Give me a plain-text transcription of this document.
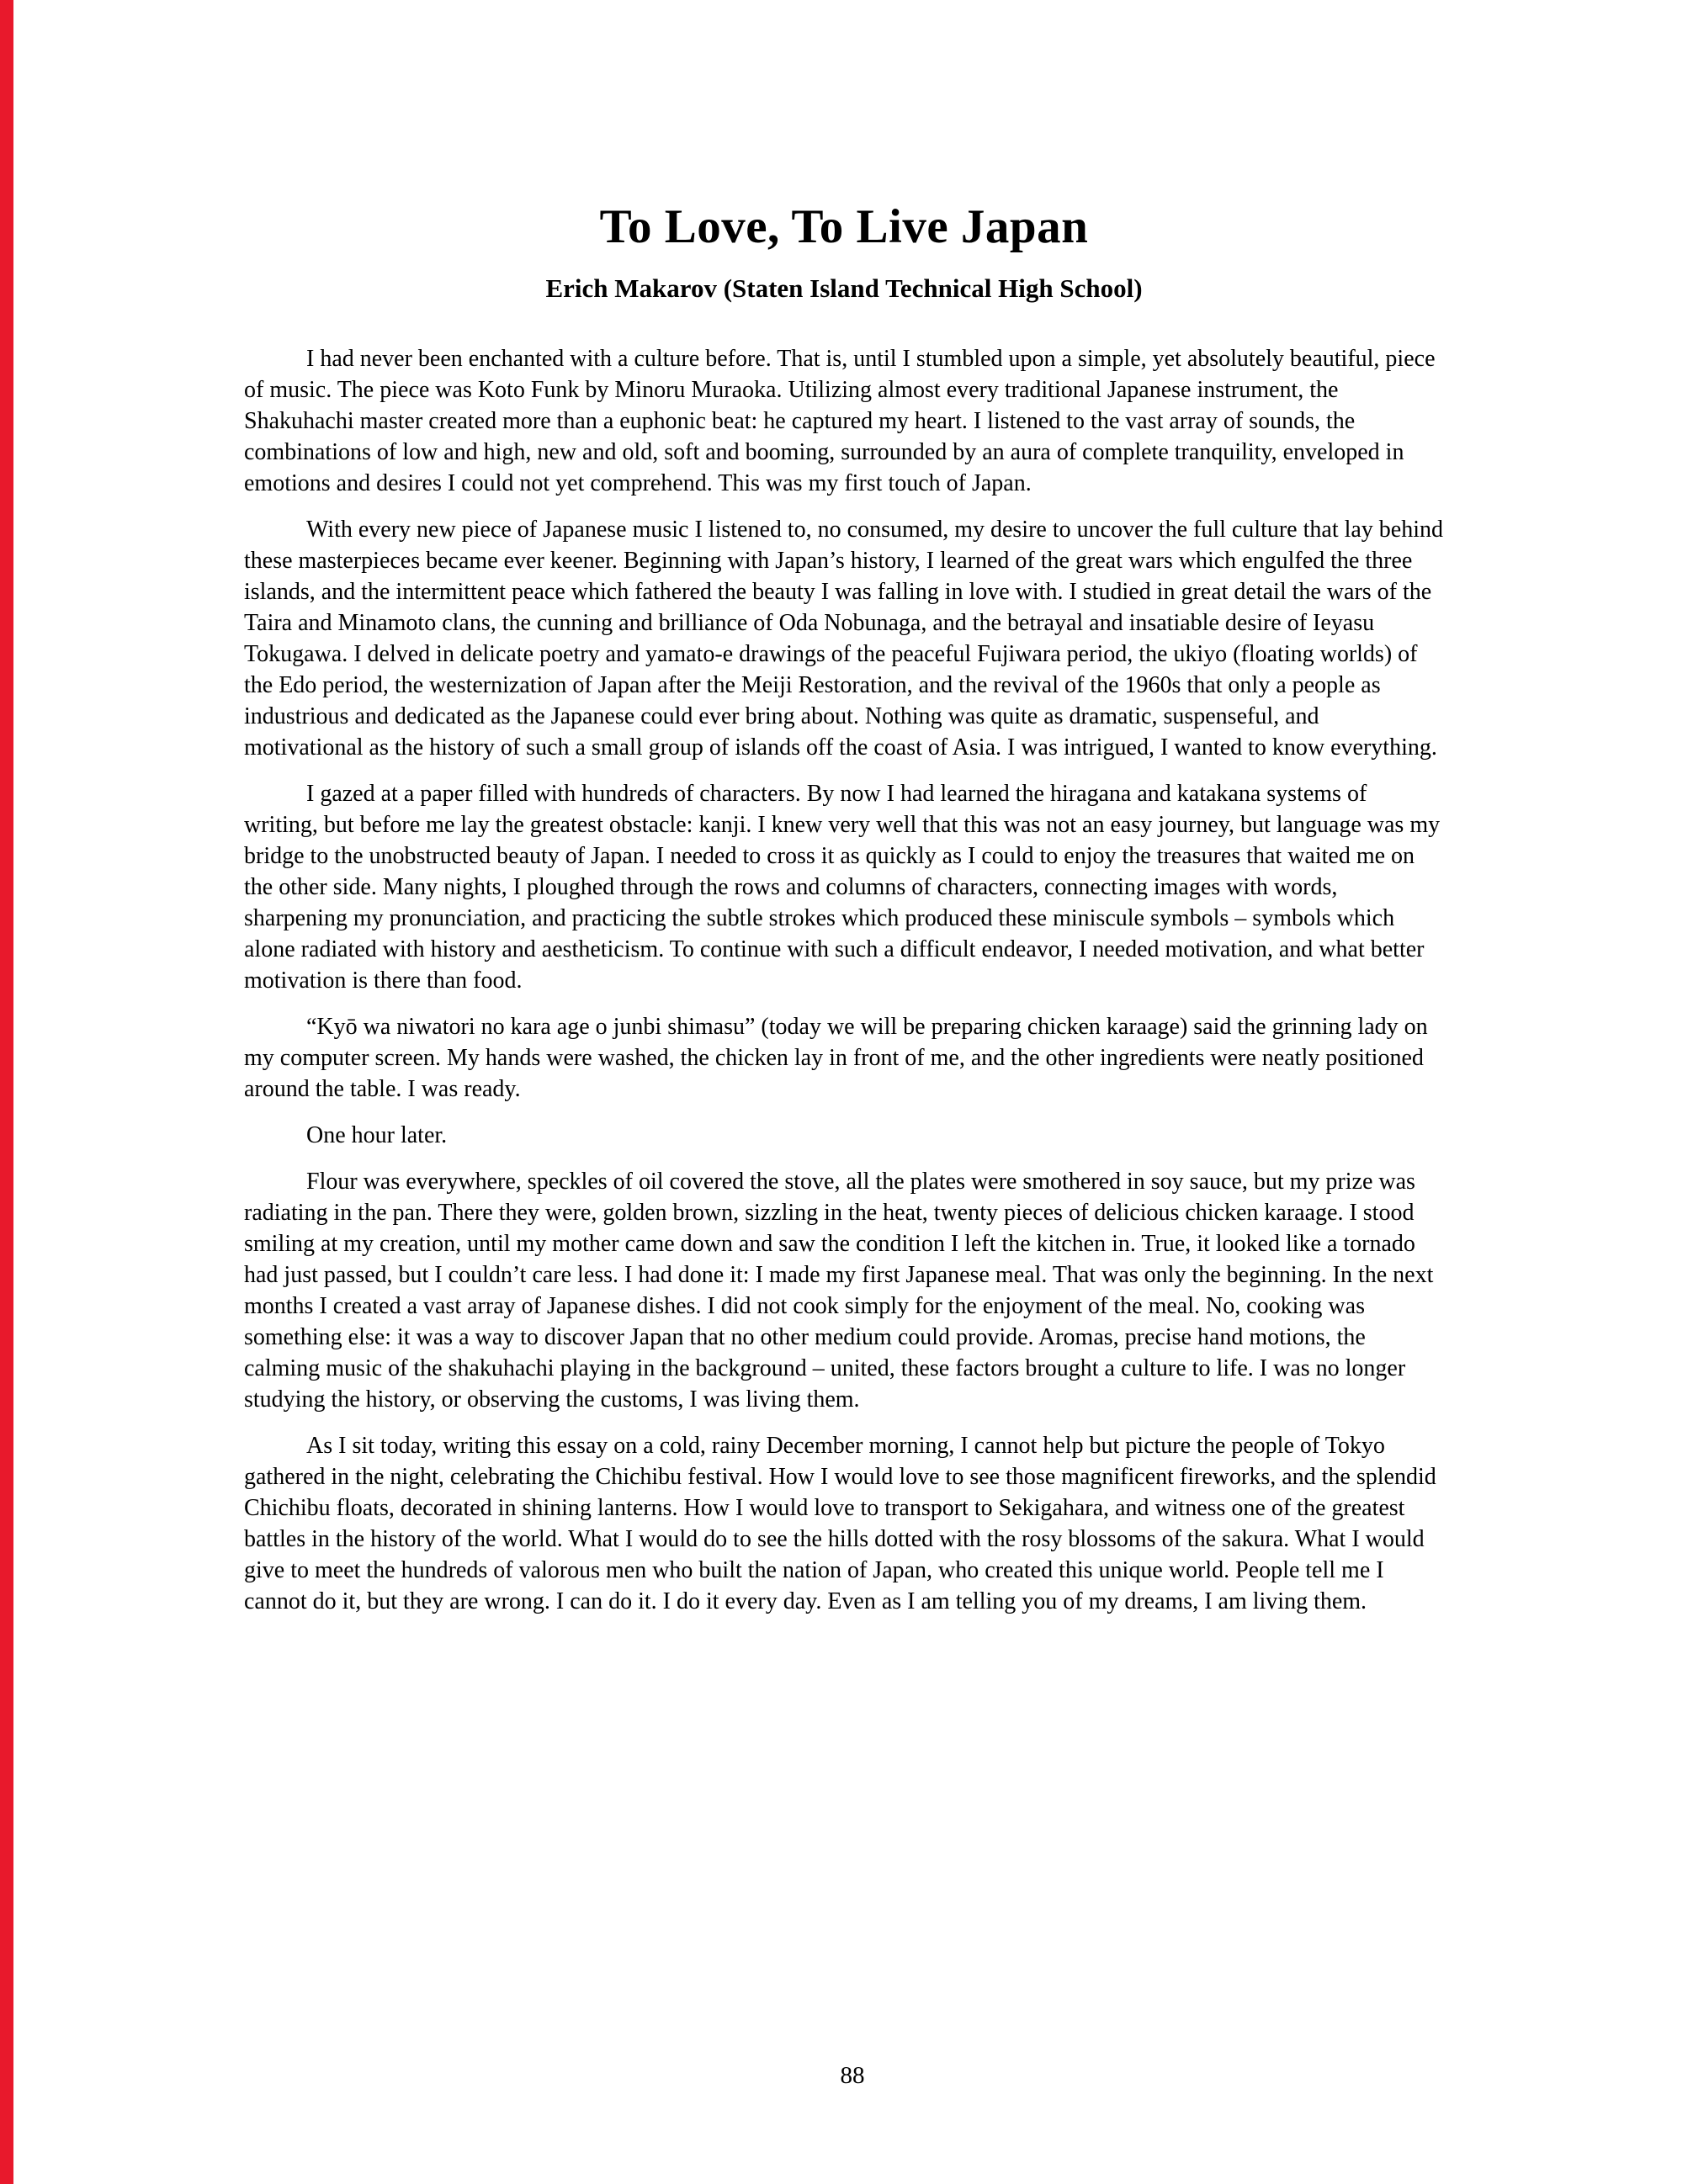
To Love, To Live Japan
Erich Makarov (Staten Island Technical High School)

I had never been enchanted with a culture before. That is, until I stumbled upon a simple, yet absolutely beautiful, piece of music. The piece was Koto Funk by Minoru Muraoka. Utilizing almost every traditional Japanese instrument, the Shakuhachi master created more than a euphonic beat: he captured my heart. I listened to the vast array of sounds, the combinations of low and high, new and old, soft and booming, surrounded by an aura of complete tranquility, enveloped in emotions and desires I could not yet comprehend. This was my first touch of Japan.

With every new piece of Japanese music I listened to, no consumed, my desire to uncover the full culture that lay behind these masterpieces became ever keener. Beginning with Japan’s history, I learned of the great wars which engulfed the three islands, and the intermittent peace which fathered the beauty I was falling in love with. I studied in great detail the wars of the Taira and Minamoto clans, the cunning and brilliance of Oda Nobunaga, and the betrayal and insatiable desire of Ieyasu Tokugawa. I delved in delicate poetry and yamato-e drawings of the peaceful Fujiwara period, the ukiyo (floating worlds) of the Edo period, the westernization of Japan after the Meiji Restoration, and the revival of the 1960s that only a people as industrious and dedicated as the Japanese could ever bring about. Nothing was quite as dramatic, suspenseful, and motivational as the history of such a small group of islands off the coast of Asia. I was intrigued, I wanted to know everything.

I gazed at a paper filled with hundreds of characters. By now I had learned the hiragana and katakana systems of writing, but before me lay the greatest obstacle: kanji. I knew very well that this was not an easy journey, but language was my bridge to the unobstructed beauty of Japan. I needed to cross it as quickly as I could to enjoy the treasures that waited me on the other side. Many nights, I ploughed through the rows and columns of characters, connecting images with words, sharpening my pronunciation, and practicing the subtle strokes which produced these miniscule symbols – symbols which alone radiated with history and aestheticism. To continue with such a difficult endeavor, I needed motivation, and what better motivation is there than food.

“Kyō wa niwatori no kara age o junbi shimasu” (today we will be preparing chicken karaage) said the grinning lady on my computer screen. My hands were washed, the chicken lay in front of me, and the other ingredients were neatly positioned around the table. I was ready.

One hour later.

Flour was everywhere, speckles of oil covered the stove, all the plates were smothered in soy sauce, but my prize was radiating in the pan. There they were, golden brown, sizzling in the heat, twenty pieces of delicious chicken karaage. I stood smiling at my creation, until my mother came down and saw the condition I left the kitchen in. True, it looked like a tornado had just passed, but I couldn’t care less. I had done it: I made my first Japanese meal. That was only the beginning. In the next months I created a vast array of Japanese dishes. I did not cook simply for the enjoyment of the meal. No, cooking was something else: it was a way to discover Japan that no other medium could provide. Aromas, precise hand motions, the calming music of the shakuhachi playing in the background – united, these factors brought a culture to life. I was no longer studying the history, or observing the customs, I was living them.

As I sit today, writing this essay on a cold, rainy December morning, I cannot help but picture the people of Tokyo gathered in the night, celebrating the Chichibu festival. How I would love to see those magnificent fireworks, and the splendid Chichibu floats, decorated in shining lanterns. How I would love to transport to Sekigahara, and witness one of the greatest battles in the history of the world. What I would do to see the hills dotted with the rosy blossoms of the sakura. What I would give to meet the hundreds of valorous men who built the nation of Japan, who created this unique world. People tell me I cannot do it, but they are wrong. I can do it. I do it every day. Even as I am telling you of my dreams, I am living them.

88
